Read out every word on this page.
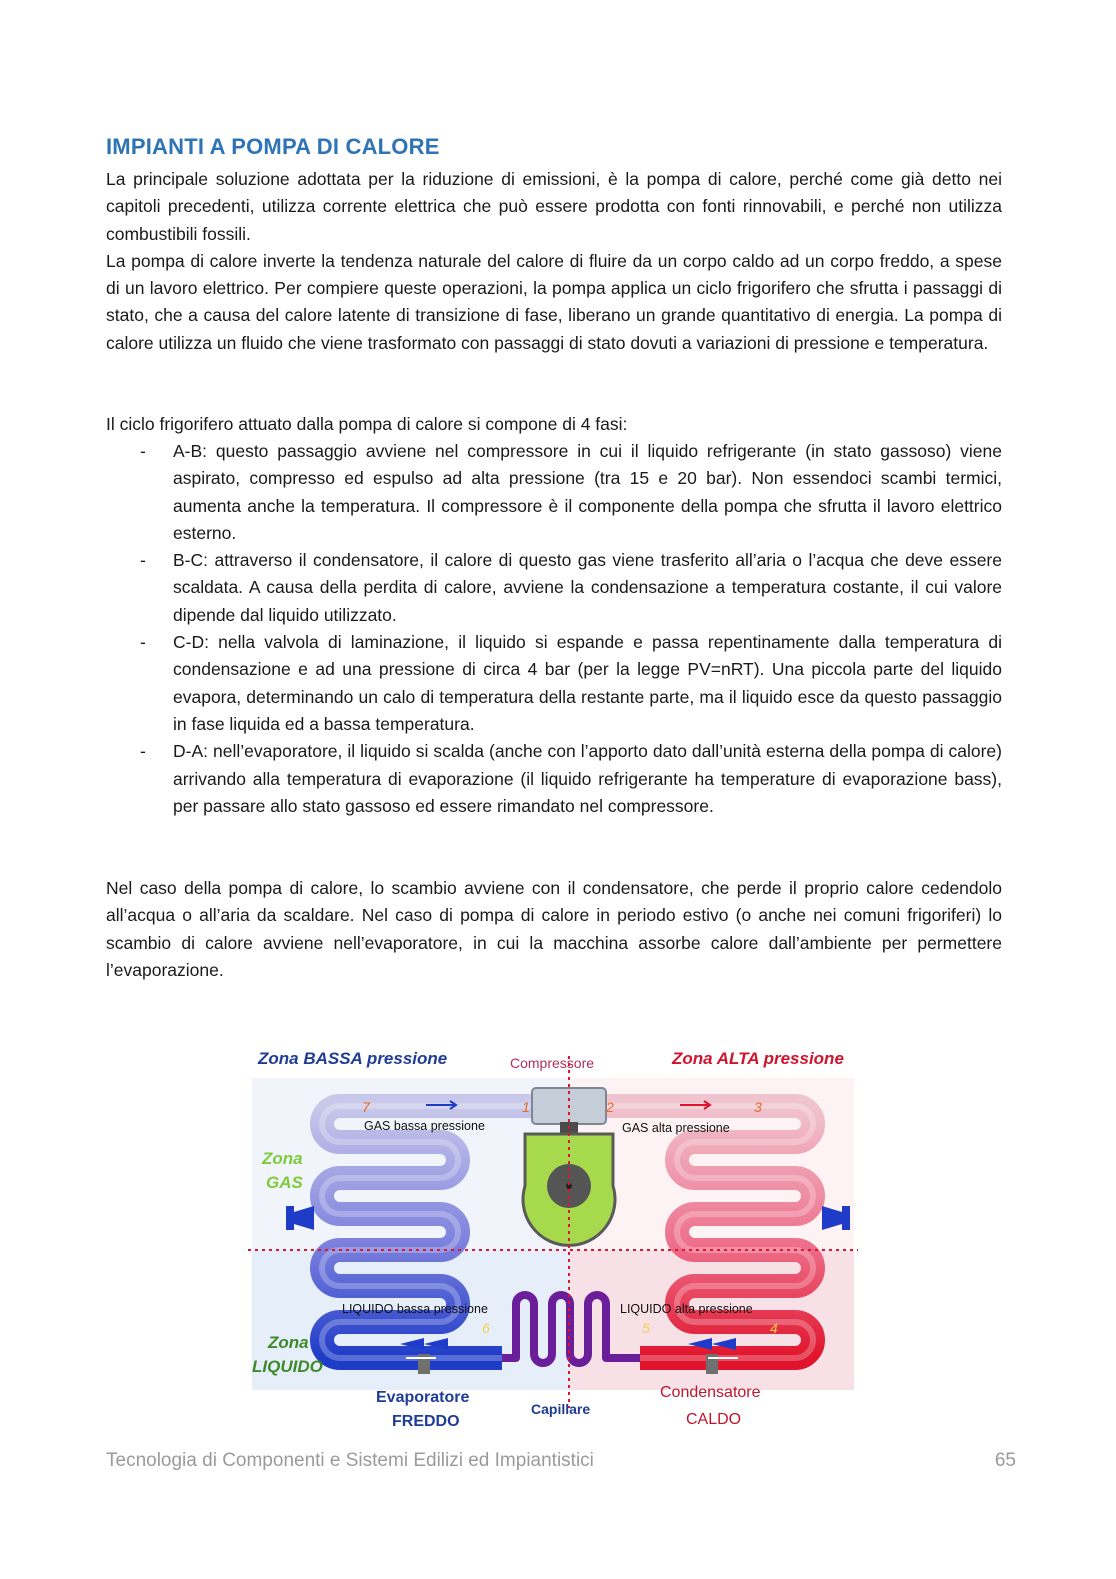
IMPIANTI A POMPA DI CALORE
La principale soluzione adottata per la riduzione di emissioni, è la pompa di calore, perché come già detto nei capitoli precedenti, utilizza corrente elettrica che può essere prodotta con fonti rinnovabili, e perché non utilizza combustibili fossili.
La pompa di calore inverte la tendenza naturale del calore di fluire da un corpo caldo ad un corpo freddo, a spese di un lavoro elettrico. Per compiere queste operazioni, la pompa applica un ciclo frigorifero che sfrutta i passaggi di stato, che a causa del calore latente di transizione di fase, liberano un grande quantitativo di energia. La pompa di calore utilizza un fluido che viene trasformato con passaggi di stato dovuti a variazioni di pressione e temperatura.
Il ciclo frigorifero attuato dalla pompa di calore si compone di 4 fasi:
- A-B: questo passaggio avviene nel compressore in cui il liquido refrigerante (in stato gassoso) viene aspirato, compresso ed espulso ad alta pressione (tra 15 e 20 bar). Non essendoci scambi termici, aumenta anche la temperatura. Il compressore è il componente della pompa che sfrutta il lavoro elettrico esterno.
- B-C: attraverso il condensatore, il calore di questo gas viene trasferito all’aria o l’acqua che deve essere scaldata. A causa della perdita di calore, avviene la condensazione a temperatura costante, il cui valore dipende dal liquido utilizzato.
- C-D: nella valvola di laminazione, il liquido si espande e passa repentinamente dalla temperatura di condensazione e ad una pressione di circa 4 bar (per la legge PV=nRT). Una piccola parte del liquido evapora, determinando un calo di temperatura della restante parte, ma il liquido esce da questo passaggio in fase liquida ed a bassa temperatura.
- D-A: nell’evaporatore, il liquido si scalda (anche con l’apporto dato dall’unità esterna della pompa di calore) arrivando alla temperatura di evaporazione (il liquido refrigerante ha temperature di evaporazione bass), per passare allo stato gassoso ed essere rimandato nel compressore.
Nel caso della pompa di calore, lo scambio avviene con il condensatore, che perde il proprio calore cedendolo all’acqua o all’aria da scaldare. Nel caso di pompa di calore in periodo estivo (o anche nei comuni frigoriferi) lo scambio di calore avviene nell’evaporatore, in cui la macchina assorbe calore dall’ambiente per permettere l’evaporazione.
Zona BASSA pressione	Zona ALTA pressione
Compressore
GAS bassa pressione	GAS alta pressione
Zona
GAS
Zona
LIQUIDO
LIQUIDO bassa pressione	LIQUIDO alta pressione
Evaporatore
FREDDO
Capillare
Condensatore
CALDO
1	2	3
4
5
6
7
Tecnologia di Componenti e Sistemi Edilizi ed Impiantistici	65
